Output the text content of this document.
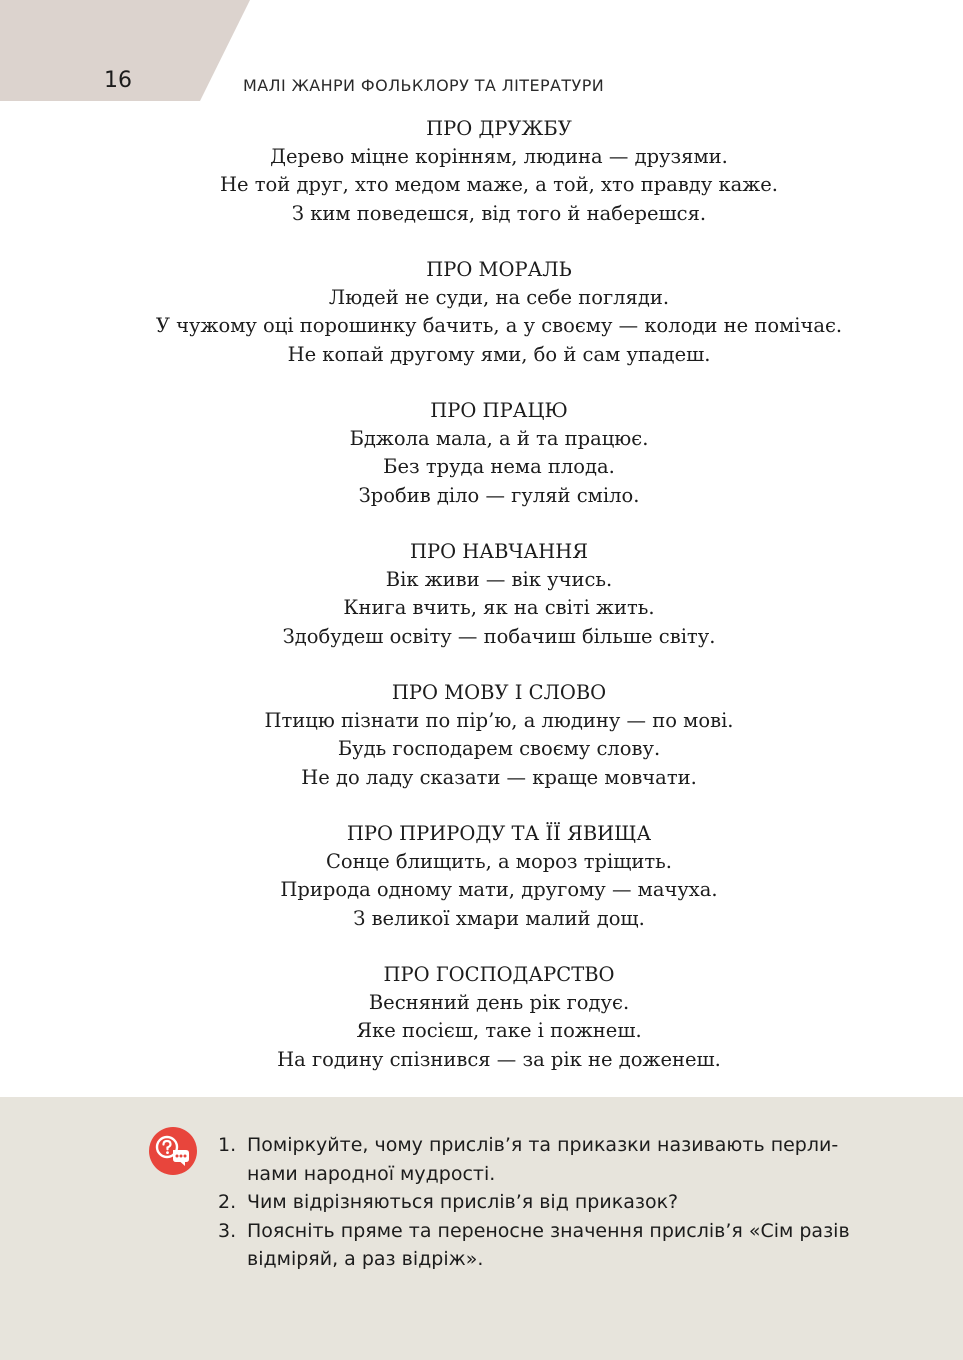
16	МАЛІ ЖАНРИ ФОЛЬКЛОРУ ТА ЛІТЕРАТУРИ

ПРО ДРУЖБУ

Дерево міцне корінням, людина — друзями.

Не той друг, хто медом маже, а той, хто правду каже.

З ким поведешся, від того й наберешся.

ПРО МОРАЛЬ

Людей не суди, на себе погляди.

У чужому оці порошинку бачить, а у своєму — колоди не помічає.

Не копай другому ями, бо й сам упадеш.

ПРО ПРАЦЮ

Бджола мала, а й та працює.

Без труда нема плода.

Зробив діло — гуляй сміло.

ПРО НАВЧАННЯ

Вік живи — вік учись.

Книга вчить, як на світі жить.

Здобудеш освіту — побачиш більше світу.

ПРО МОВУ І СЛОВО

Птицю пізнати по пір’ю, а людину — по мові.

Будь господарем своєму слову.

Не до ладу сказати — краще мовчати.

ПРО ПРИРОДУ ТА ЇЇ ЯВИЩА

Сонце блищить, а мороз тріщить.

Природа одному мати, другому — мачуха.

З великої хмари малий дощ.

ПРО ГОСПОДАРСТВО

Весняний день рік годує.

Яке посієш, таке і пожнеш.

На годину спізнився — за рік не доженеш.

1. Поміркуйте, чому прислів’я та приказки називають перли-
нами народної мудрості.
2. Чим відрізняються прислів’я від приказок?
3. Поясніть пряме та переносне значення прислів’я «Сім разів
відміряй, а раз відріж».
